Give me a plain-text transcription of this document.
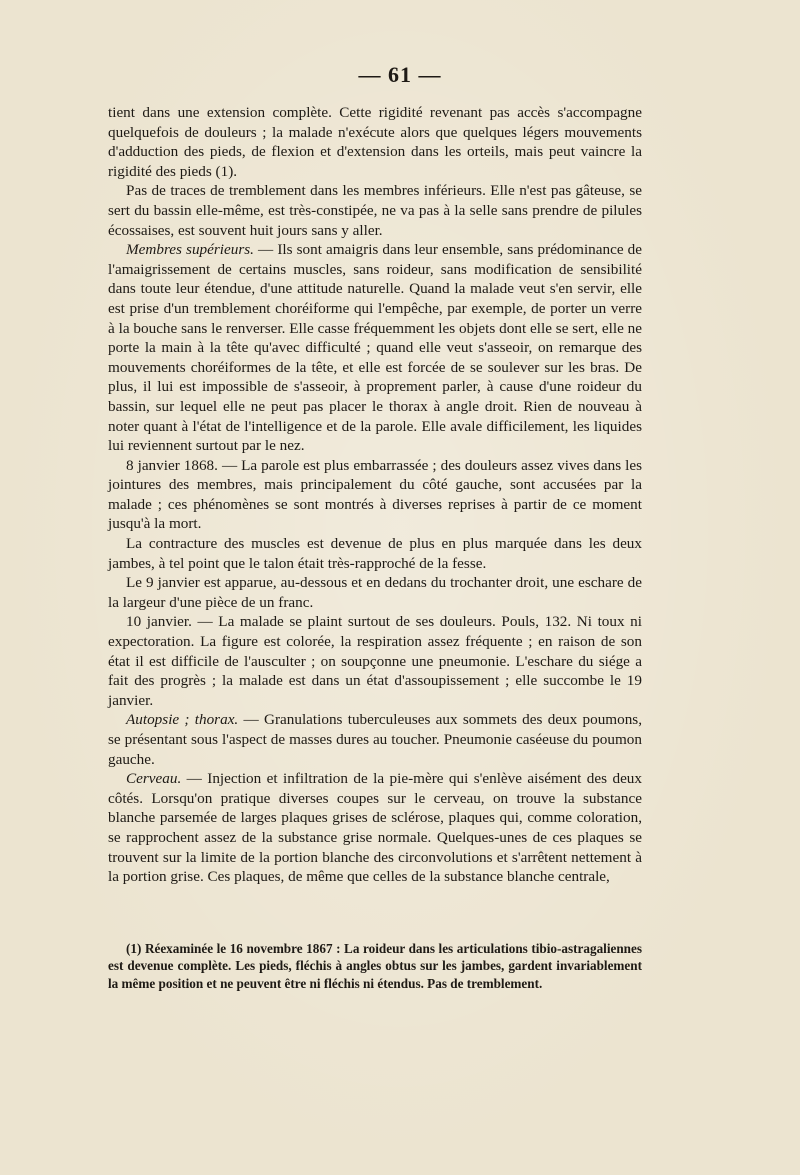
— 61 —

tient dans une extension complète. Cette rigidité revenant pas accès s'accompagne quelquefois de douleurs ; la malade n'exécute alors que quelques légers mouvements d'adduction des pieds, de flexion et d'extension dans les orteils, mais peut vaincre la rigidité des pieds (1).

Pas de traces de tremblement dans les membres inférieurs. Elle n'est pas gâteuse, se sert du bassin elle-même, est très-constipée, ne va pas à la selle sans prendre de pilules écossaises, est souvent huit jours sans y aller.

Membres supérieurs. — Ils sont amaigris dans leur ensemble, sans prédominance de l'amaigrissement de certains muscles, sans roideur, sans modification de sensibilité dans toute leur étendue, d'une attitude naturelle. Quand la malade veut s'en servir, elle est prise d'un tremblement choréiforme qui l'empêche, par exemple, de porter un verre à la bouche sans le renverser. Elle casse fréquemment les objets dont elle se sert, elle ne porte la main à la tête qu'avec difficulté ; quand elle veut s'asseoir, on remarque des mouvements choréiformes de la tête, et elle est forcée de se soulever sur les bras. De plus, il lui est impossible de s'asseoir, à proprement parler, à cause d'une roideur du bassin, sur lequel elle ne peut pas placer le thorax à angle droit. Rien de nouveau à noter quant à l'état de l'intelligence et de la parole. Elle avale difficilement, les liquides lui reviennent surtout par le nez.

8 janvier 1868. — La parole est plus embarrassée ; des douleurs assez vives dans les jointures des membres, mais principalement du côté gauche, sont accusées par la malade ; ces phénomènes se sont montrés à diverses reprises à partir de ce moment jusqu'à la mort.

La contracture des muscles est devenue de plus en plus marquée dans les deux jambes, à tel point que le talon était très-rapproché de la fesse.

Le 9 janvier est apparue, au-dessous et en dedans du trochanter droit, une eschare de la largeur d'une pièce de un franc.

10 janvier. — La malade se plaint surtout de ses douleurs. Pouls, 132. Ni toux ni expectoration. La figure est colorée, la respiration assez fréquente ; en raison de son état il est difficile de l'ausculter ; on soupçonne une pneumonie. L'eschare du siége a fait des progrès ; la malade est dans un état d'assoupissement ; elle succombe le 19 janvier.

Autopsie ; thorax. — Granulations tuberculeuses aux sommets des deux poumons, se présentant sous l'aspect de masses dures au toucher. Pneumonie caséeuse du poumon gauche.

Cerveau. — Injection et infiltration de la pie-mère qui s'enlève aisément des deux côtés. Lorsqu'on pratique diverses coupes sur le cerveau, on trouve la substance blanche parsemée de larges plaques grises de sclérose, plaques qui, comme coloration, se rapprochent assez de la substance grise normale. Quelques-unes de ces plaques se trouvent sur la limite de la portion blanche des circonvolutions et s'arrêtent nettement à la portion grise. Ces plaques, de même que celles de la substance blanche centrale,

(1) Réexaminée le 16 novembre 1867 : La roideur dans les articulations tibio-astragaliennes est devenue complète. Les pieds, fléchis à angles obtus sur les jambes, gardent invariablement la même position et ne peuvent être ni fléchis ni étendus. Pas de tremblement.
